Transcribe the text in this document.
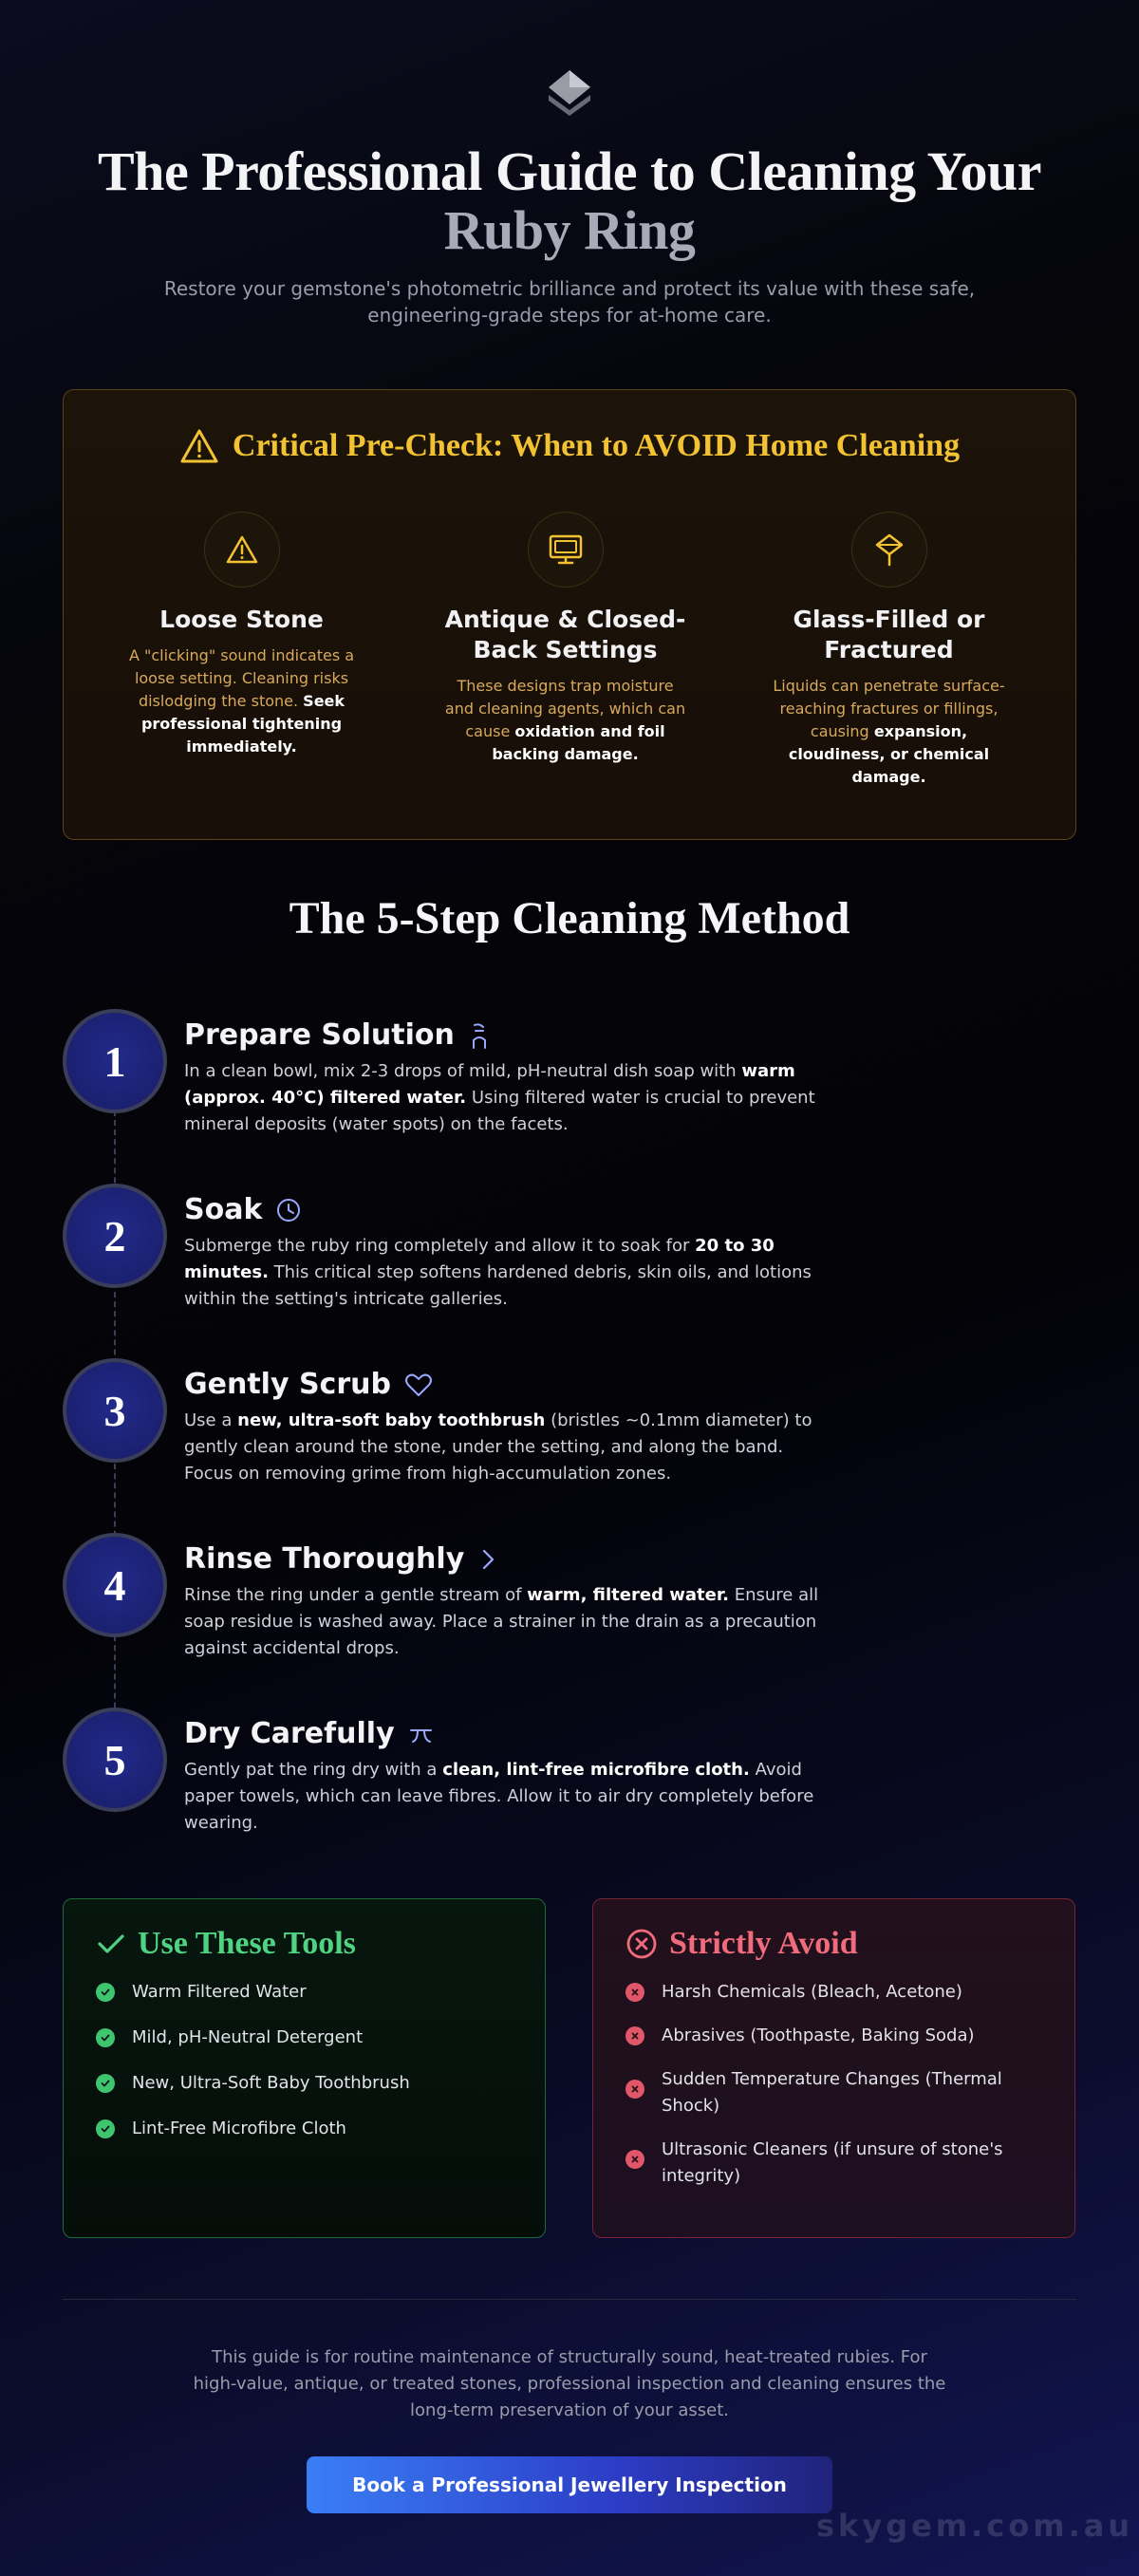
The Professional Guide to Cleaning Your
Ruby Ring

Restore your gemstone's photometric brilliance and protect its value with these safe, engineering-grade steps for at-home care.

Critical Pre-Check: When to AVOID Home Cleaning
Loose Stone

A "clicking" sound indicates a loose setting. Cleaning risks dislodging the stone. Seek professional tightening immediately.

Antique & Closed-Back Settings

These designs trap moisture and cleaning agents, which can cause oxidation and foil backing damage.

Glass-Filled or Fractured

Liquids can penetrate surface-reaching fractures or fillings, causing expansion, cloudiness, or chemical damage.

The 5-Step Cleaning Method
1
Prepare Solution

In a clean bowl, mix 2-3 drops of mild, pH-neutral dish soap with warm (approx. 40°C) filtered water. Using filtered water is crucial to prevent mineral deposits (water spots) on the facets.

2
Soak

Submerge the ruby ring completely and allow it to soak for 20 to 30 minutes. This critical step softens hardened debris, skin oils, and lotions within the setting's intricate galleries.

3
Gently Scrub

Use a new, ultra-soft baby toothbrush (bristles ~0.1mm diameter) to gently clean around the stone, under the setting, and along the band. Focus on removing grime from high-accumulation zones.

4
Rinse Thoroughly

Rinse the ring under a gentle stream of warm, filtered water. Ensure all soap residue is washed away. Place a strainer in the drain as a precaution against accidental drops.

5
Dry Carefully

Gently pat the ring dry with a clean, lint-free microfibre cloth. Avoid paper towels, which can leave fibres. Allow it to air dry completely before wearing.

Use These Tools
Warm Filtered Water
Mild, pH-Neutral Detergent
New, Ultra-Soft Baby Toothbrush
Lint-Free Microfibre Cloth
Strictly Avoid
Harsh Chemicals (Bleach, Acetone)
Abrasives (Toothpaste, Baking Soda)
Sudden Temperature Changes (Thermal Shock)
Ultrasonic Cleaners (if unsure of stone's integrity)

This guide is for routine maintenance of structurally sound, heat-treated rubies. For high-value, antique, or treated stones, professional inspection and cleaning ensures the long-term preservation of your asset.

Book a Professional Jewellery Inspection
skygem.com.au
